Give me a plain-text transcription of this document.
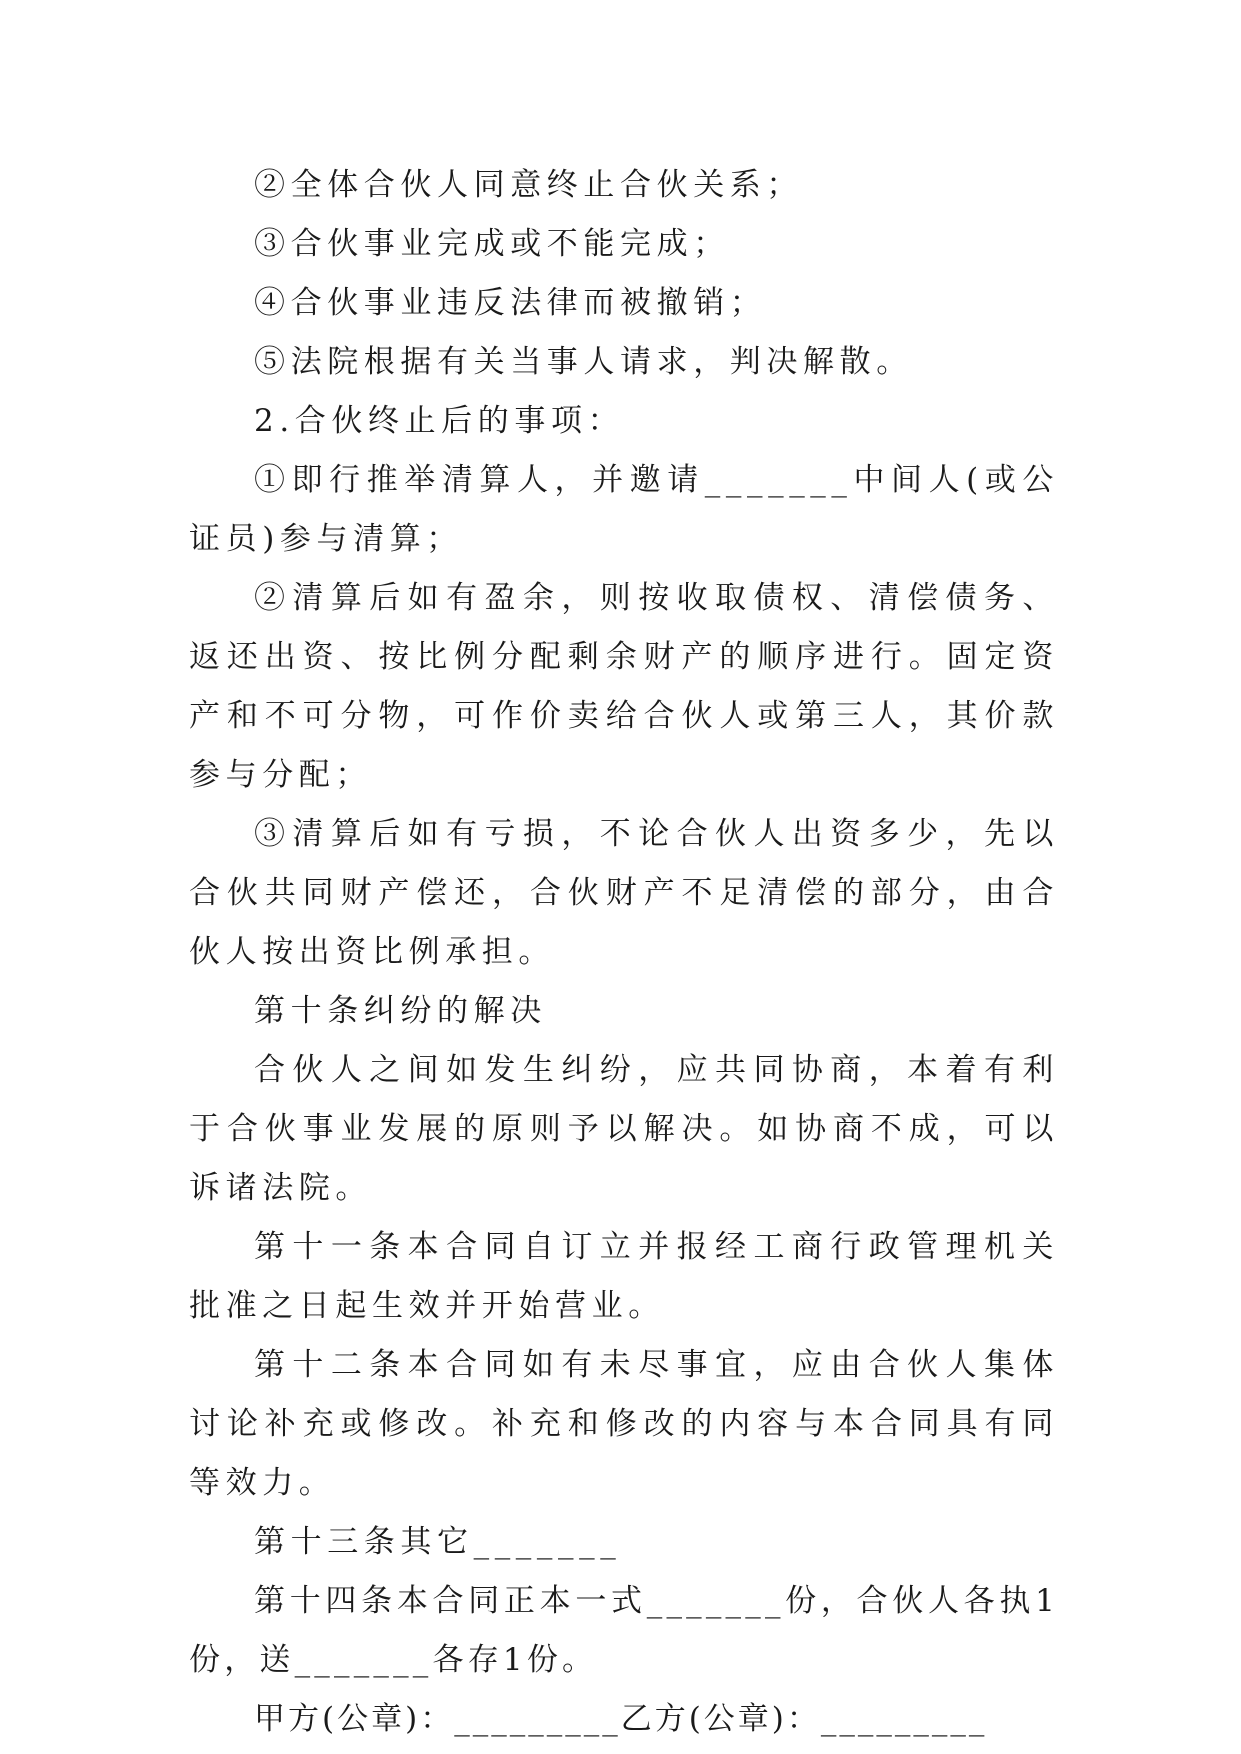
②全体合伙人同意终止合伙关系；

③合伙事业完成或不能完成；

④合伙事业违反法律而被撤销；

⑤法院根据有关当事人请求，判决解散。

2.合伙终止后的事项：

①即行推举清算人，并邀请_______中间人(或公证员)参与清算；

②清算后如有盈余，则按收取债权、清偿债务、返还出资、按比例分配剩余财产的顺序进行。固定资产和不可分物，可作价卖给合伙人或第三人，其价款参与分配；

③清算后如有亏损，不论合伙人出资多少，先以合伙共同财产偿还，合伙财产不足清偿的部分，由合伙人按出资比例承担。

第十条纠纷的解决

合伙人之间如发生纠纷，应共同协商，本着有利于合伙事业发展的原则予以解决。如协商不成，可以诉诸法院。

第十一条本合同自订立并报经工商行政管理机关批准之日起生效并开始营业。

第十二条本合同如有未尽事宜，应由合伙人集体讨论补充或修改。补充和修改的内容与本合同具有同等效力。

第十三条其它_______

第十四条本合同正本一式_______份，合伙人各执1份，送_______各存1份。

甲方(公章)：_________乙方(公章)：_________
